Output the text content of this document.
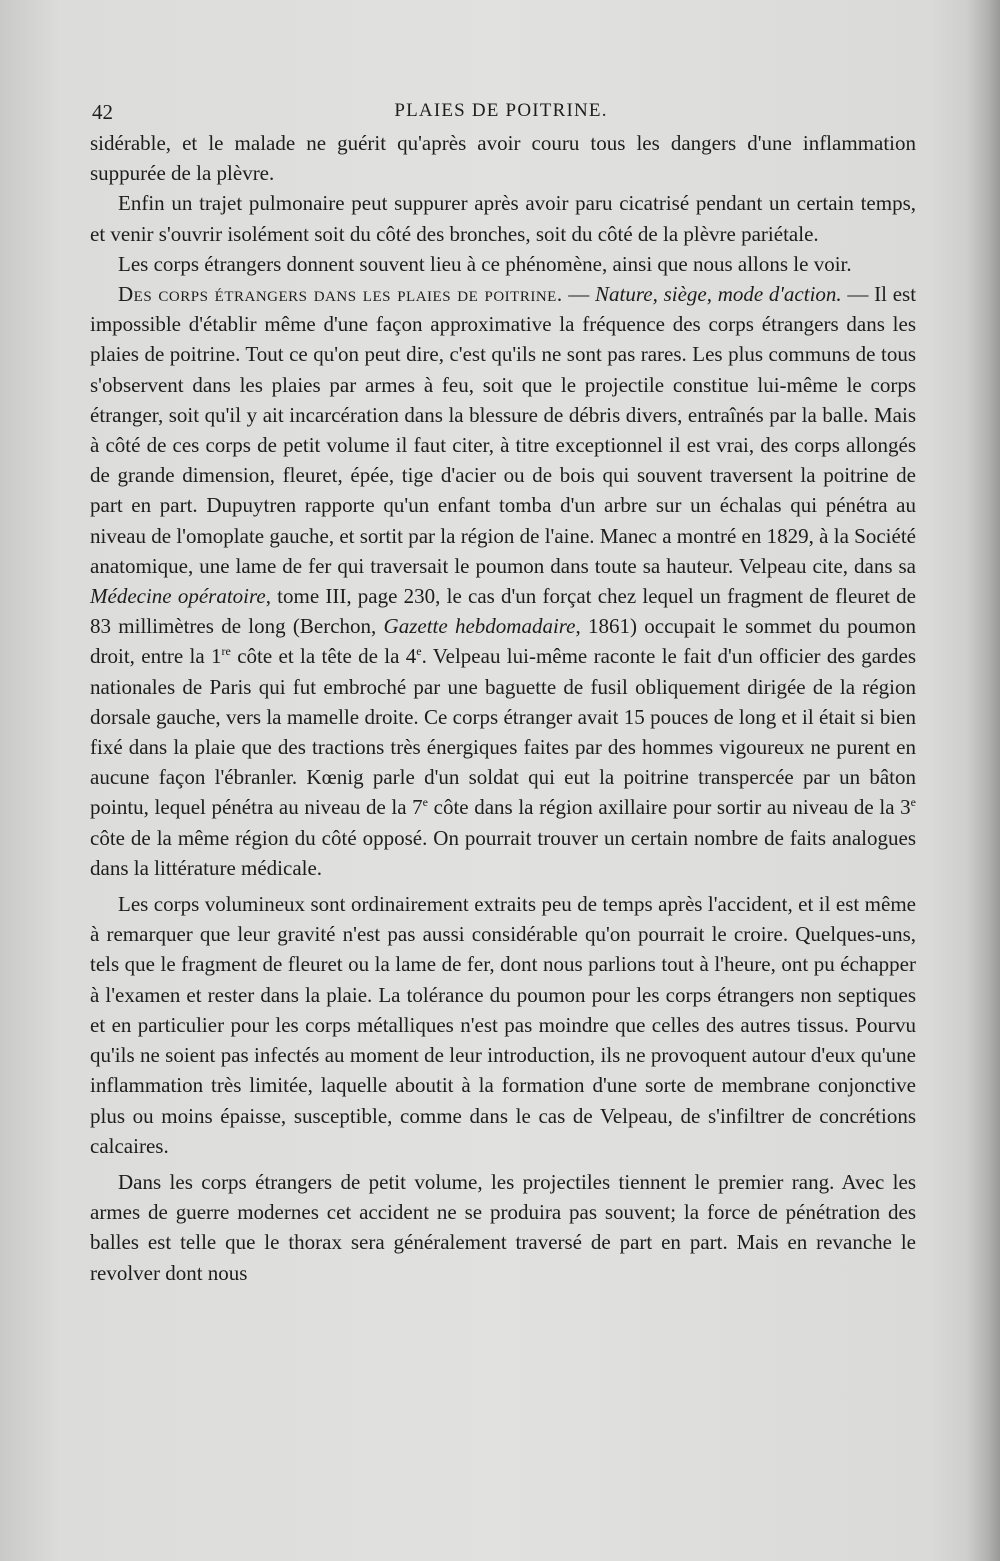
42	PLAIES DE POITRINE.

sidérable, et le malade ne guérit qu'après avoir couru tous les dangers d'une inflammation suppurée de la plèvre.

Enfin un trajet pulmonaire peut suppurer après avoir paru cicatrisé pendant un certain temps, et venir s'ouvrir isolément soit du côté des bronches, soit du côté de la plèvre pariétale.

Les corps étrangers donnent souvent lieu à ce phénomène, ainsi que nous allons le voir.

Des corps étrangers dans les plaies de poitrine. — Nature, siège, mode d'action. — Il est impossible d'établir même d'une façon approximative la fréquence des corps étrangers dans les plaies de poitrine. Tout ce qu'on peut dire, c'est qu'ils ne sont pas rares. Les plus communs de tous s'observent dans les plaies par armes à feu, soit que le projectile constitue lui-même le corps étranger, soit qu'il y ait incarcération dans la blessure de débris divers, entraînés par la balle. Mais à côté de ces corps de petit volume il faut citer, à titre exceptionnel il est vrai, des corps allongés de grande dimension, fleuret, épée, tige d'acier ou de bois qui souvent traversent la poitrine de part en part. Dupuytren rapporte qu'un enfant tomba d'un arbre sur un échalas qui pénétra au niveau de l'omoplate gauche, et sortit par la région de l'aine. Manec a montré en 1829, à la Société anatomique, une lame de fer qui traversait le poumon dans toute sa hauteur. Velpeau cite, dans sa Médecine opératoire, tome III, page 230, le cas d'un forçat chez lequel un fragment de fleuret de 83 millimètres de long (Berchon, Gazette hebdomadaire, 1861) occupait le sommet du poumon droit, entre la 1re côte et la tête de la 4e. Velpeau lui-même raconte le fait d'un officier des gardes nationales de Paris qui fut embroché par une baguette de fusil obliquement dirigée de la région dorsale gauche, vers la mamelle droite. Ce corps étranger avait 15 pouces de long et il était si bien fixé dans la plaie que des tractions très énergiques faites par des hommes vigoureux ne purent en aucune façon l'ébranler. Kœnig parle d'un soldat qui eut la poitrine transpercée par un bâton pointu, lequel pénétra au niveau de la 7e côte dans la région axillaire pour sortir au niveau de la 3e côte de la même région du côté opposé. On pourrait trouver un certain nombre de faits analogues dans la littérature médicale.

Les corps volumineux sont ordinairement extraits peu de temps après l'accident, et il est même à remarquer que leur gravité n'est pas aussi considérable qu'on pourrait le croire. Quelques-uns, tels que le fragment de fleuret ou la lame de fer, dont nous parlions tout à l'heure, ont pu échapper à l'examen et rester dans la plaie. La tolérance du poumon pour les corps étrangers non septiques et en particulier pour les corps métalliques n'est pas moindre que celles des autres tissus. Pourvu qu'ils ne soient pas infectés au moment de leur introduction, ils ne provoquent autour d'eux qu'une inflammation très limitée, laquelle aboutit à la formation d'une sorte de membrane conjonctive plus ou moins épaisse, susceptible, comme dans le cas de Velpeau, de s'infiltrer de concrétions calcaires.

Dans les corps étrangers de petit volume, les projectiles tiennent le premier rang. Avec les armes de guerre modernes cet accident ne se produira pas souvent; la force de pénétration des balles est telle que le thorax sera généralement traversé de part en part. Mais en revanche le revolver dont nous
